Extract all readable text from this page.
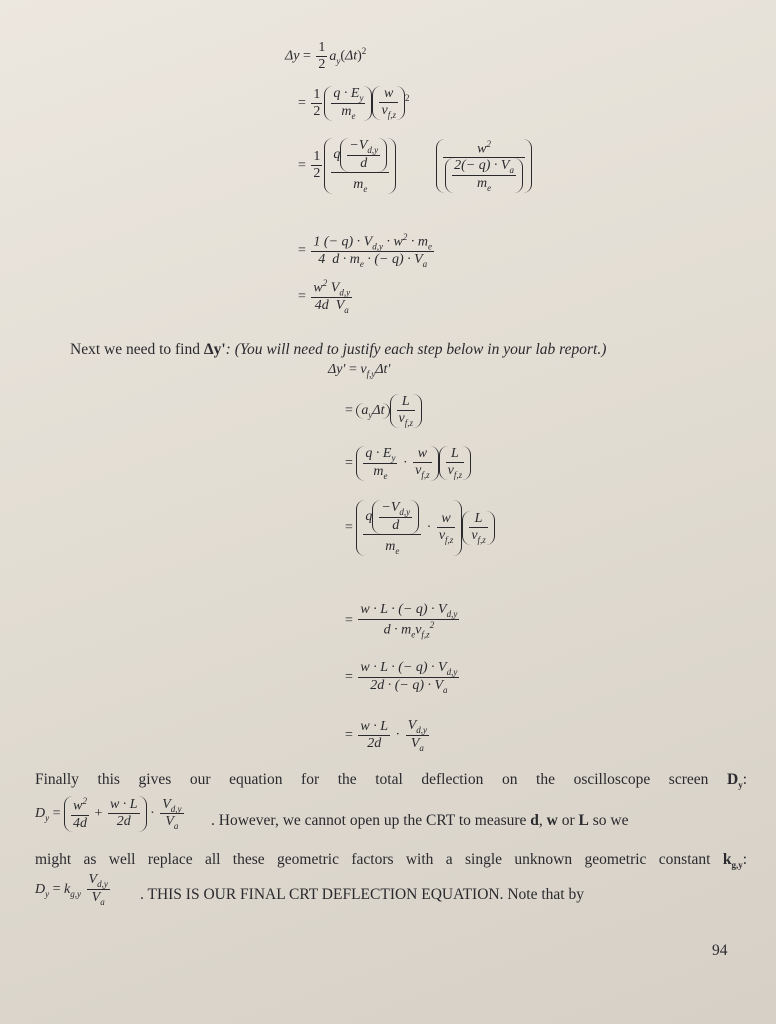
$\Delta y = \frac{1}{2} a_y(\Delta t)^2$
= $\frac{1}{2} \frac{q \cdot E_y}{m_e} \frac{w}{v_{f,z}} ^2$
= $\frac{1}{2} \frac{q \frac{-V_{d,y}}{d}}{m_e}$	$\frac{w^2}{\frac{2(- q) \cdot V_a}{m_e}}$
= $\frac{1 (- q) \cdot V_{d,y} \cdot w^2 \cdot m_e}{4 d \cdot m_e \cdot (- q) \cdot V_a}$
= $\frac{w^2 V_{d,y}}{4d V_a}$
Next we need to find Δy': (You will need to justify each step below in your lab report.)
$\Delta y' = v_{f,y}\Delta t'$
= $a_y\Delta t \frac{L}{v_{f,z}}$
= $\frac{q \cdot E_y}{m_e} \cdot \frac{w}{v_{f,z}} \frac{L}{v_{f,z}}$
= $\frac{q \frac{-V_{d,y}}{d}}{m_e} \cdot \frac{w}{v_{f,z}} \frac{L}{v_{f,z}}$
= $\frac{w \cdot L \cdot (- q) \cdot V_{d,y}}{d \cdot m_ev_{f,z}^2}$
= $\frac{w \cdot L \cdot (- q) \cdot V_{d,y}}{2d \cdot (- q) \cdot V_a}$
= $\frac{w \cdot L}{2d} \cdot \frac{V_{d,y}}{V_a}$
Finally this gives our equation for the total deflection on the oscilloscope screen $D_y$:
$D_y = \frac{w^2}{4d} + \frac{w \cdot L}{2d} \cdot \frac{V_{d,y}}{V_a}$ . However, we cannot open up the CRT to measure d, w or L so we
might as well replace all these geometric factors with a single unknown geometric constant $k_{g,y}$:
$D_y = k_{g,y} \frac{V_{d,y}}{V_a}$ . THIS IS OUR FINAL CRT DEFLECTION EQUATION. Note that by
94
